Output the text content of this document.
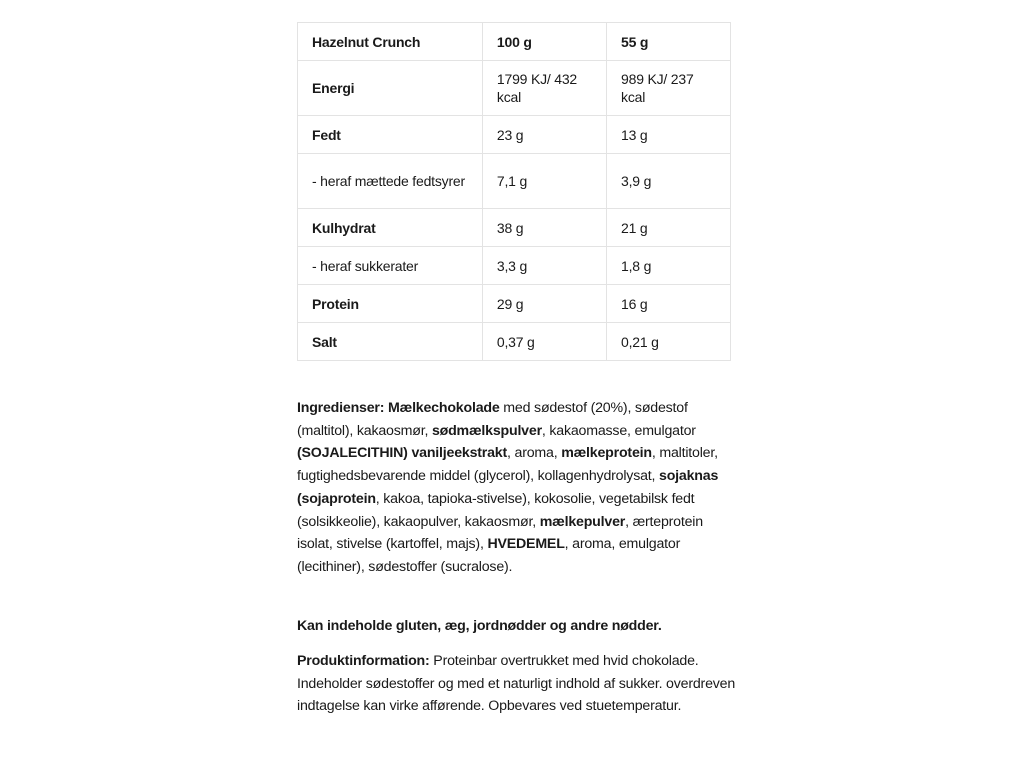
Hazelnut Crunch	100 g	55 g
Energi	1799 KJ/ 432 kcal	989 KJ/ 237 kcal
Fedt	23 g	13 g
- heraf mættede fedtsyrer	7,1 g	3,9 g
Kulhydrat	38 g	21 g
- heraf sukkerater	3,3 g	1,8 g
Protein	29 g	16 g
Salt	0,37 g	0,21 g

Ingredienser: Mælkechokolade med sødestof (20%), sødestof (maltitol), kakaosmør, sødmælkspulver, kakaomasse, emulgator (SOJALECITHIN) vaniljeekstrakt, aroma, mælkeprotein, maltitoler, fugtighedsbevarende middel (glycerol), kollagenhydrolysat, sojaknas (sojaprotein, kakoa, tapioka-stivelse), kokosolie, vegetabilsk fedt (solsikkeolie), kakaopulver, kakaosmør, mælkepulver, ærteprotein isolat, stivelse (kartoffel, majs), HVEDEMEL, aroma, emulgator (lecithiner), sødestoffer (sucralose).

Kan indeholde gluten, æg, jordnødder og andre nødder.

Produktinformation: Proteinbar overtrukket med hvid chokolade. Indeholder sødestoffer og med et naturligt indhold af sukker. overdreven indtagelse kan virke afførende. Opbevares ved stuetemperatur.
